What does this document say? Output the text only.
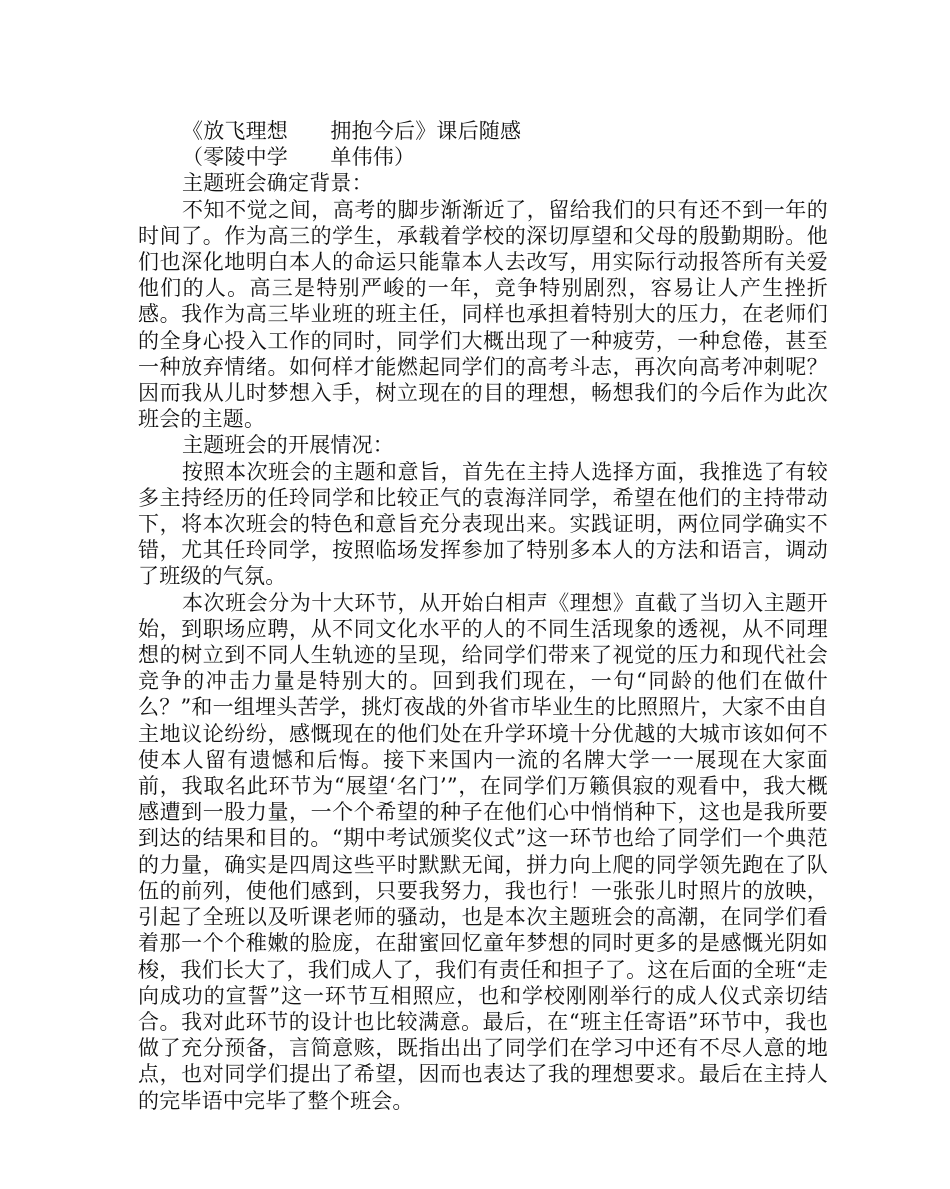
《放飞理想　　拥抱今后》课后随感

（零陵中学　　单伟伟）

主题班会确定背景：

不知不觉之间，高考的脚步渐渐近了，留给我们的只有还不到一年的时间了。作为高三的学生，承载着学校的深切厚望和父母的殷勤期盼。他们也深化地明白本人的命运只能靠本人去改写，用实际行动报答所有关爱他们的人。高三是特别严峻的一年，竞争特别剧烈，容易让人产生挫折感。我作为高三毕业班的班主任，同样也承担着特别大的压力，在老师们的全身心投入工作的同时，同学们大概出现了一种疲劳，一种怠倦，甚至一种放弃情绪。如何样才能燃起同学们的高考斗志，再次向高考冲刺呢？因而我从儿时梦想入手，树立现在的目的理想，畅想我们的今后作为此次班会的主题。

主题班会的开展情况：

按照本次班会的主题和意旨，首先在主持人选择方面，我推选了有较多主持经历的任玲同学和比较正气的袁海洋同学，希望在他们的主持带动下，将本次班会的特色和意旨充分表现出来。实践证明，两位同学确实不错，尤其任玲同学，按照临场发挥参加了特别多本人的方法和语言，调动了班级的气氛。

本次班会分为十大环节，从开始白相声《理想》直截了当切入主题开始，到职场应聘，从不同文化水平的人的不同生活现象的透视，从不同理想的树立到不同人生轨迹的呈现，给同学们带来了视觉的压力和现代社会竞争的冲击力量是特别大的。回到我们现在，一句“同龄的他们在做什么？”和一组埋头苦学，挑灯夜战的外省市毕业生的比照照片，大家不由自主地议论纷纷，感慨现在的他们处在升学环境十分优越的大城市该如何不使本人留有遗憾和后悔。接下来国内一流的名牌大学一一展现在大家面前，我取名此环节为“展望‘名门’”，在同学们万籁俱寂的观看中，我大概感遭到一股力量，一个个希望的种子在他们心中悄悄种下，这也是我所要到达的结果和目的。“期中考试颁奖仪式”这一环节也给了同学们一个典范的力量，确实是四周这些平时默默无闻，拼力向上爬的同学领先跑在了队伍的前列，使他们感到，只要我努力，我也行！一张张儿时照片的放映，引起了全班以及听课老师的骚动，也是本次主题班会的高潮，在同学们看着那一个个稚嫩的脸庞，在甜蜜回忆童年梦想的同时更多的是感慨光阴如梭，我们长大了，我们成人了，我们有责任和担子了。这在后面的全班“走向成功的宣誓”这一环节互相照应，也和学校刚刚举行的成人仪式亲切结合。我对此环节的设计也比较满意。最后，在“班主任寄语”环节中，我也做了充分预备，言简意赅，既指出出了同学们在学习中还有不尽人意的地点，也对同学们提出了希望，因而也表达了我的理想要求。最后在主持人的完毕语中完毕了整个班会。
